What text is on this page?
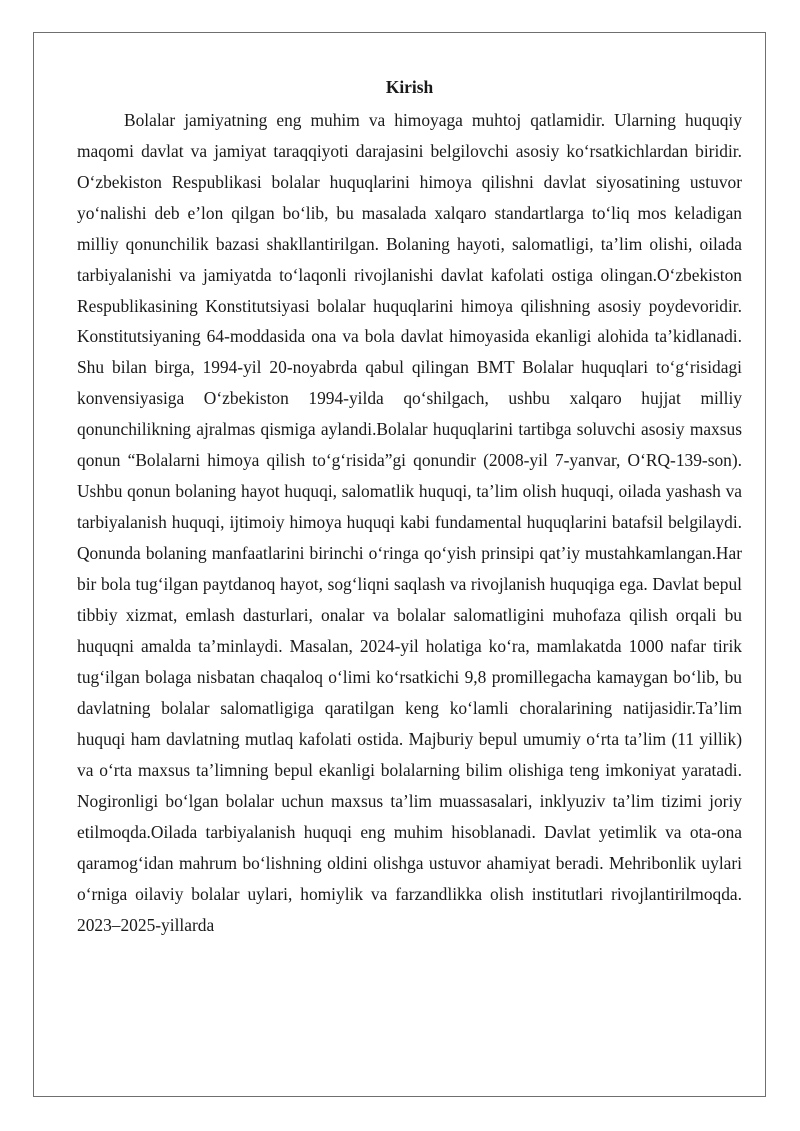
Kirish

Bolalar jamiyatning eng muhim va himoyaga muhtoj qatlamidir. Ularning huquqiy maqomi davlat va jamiyat taraqqiyoti darajasini belgilovchi asosiy koʻrsatkichlardan biridir. Oʻzbekiston Respublikasi bolalar huquqlarini himoya qilishni davlat siyosatining ustuvor yoʻnalishi deb eʼlon qilgan boʻlib, bu masalada xalqaro standartlarga toʻliq mos keladigan milliy qonunchilik bazasi shakllantirilgan. Bolaning hayoti, salomatligi, taʼlim olishi, oilada tarbiyalanishi va jamiyatda toʻlaqonli rivojlanishi davlat kafolati ostiga olingan.Oʻzbekiston Respublikasining Konstitutsiyasi bolalar huquqlarini himoya qilishning asosiy poydevoridir. Konstitutsiyaning 64-moddasida ona va bola davlat himoyasida ekanligi alohida taʼkidlanadi. Shu bilan birga, 1994-yil 20-noyabrda qabul qilingan BMT Bolalar huquqlari toʻgʻrisidagi konvensiyasiga Oʻzbekiston 1994-yilda qoʻshilgach, ushbu xalqaro hujjat milliy qonunchilikning ajralmas qismiga aylandi.Bolalar huquqlarini tartibga soluvchi asosiy maxsus qonun “Bolalarni himoya qilish toʻgʻrisida”gi qonundir (2008-yil 7-yanvar, OʻRQ-139-son). Ushbu qonun bolaning hayot huquqi, salomatlik huquqi, taʼlim olish huquqi, oilada yashash va tarbiyalanish huquqi, ijtimoiy himoya huquqi kabi fundamental huquqlarini batafsil belgilaydi. Qonunda bolaning manfaatlarini birinchi oʻringa qoʻyish prinsipi qatʼiy mustahkamlangan.Har bir bola tugʻilgan paytdanoq hayot, sogʻliqni saqlash va rivojlanish huquqiga ega. Davlat bepul tibbiy xizmat, emlash dasturlari, onalar va bolalar salomatligini muhofaza qilish orqali bu huquqni amalda taʼminlaydi. Masalan, 2024-yil holatiga koʻra, mamlakatda 1000 nafar tirik tugʻilgan bolaga nisbatan chaqaloq oʻlimi koʻrsatkichi 9,8 promillegacha kamaygan boʻlib, bu davlatning bolalar salomatligiga qaratilgan keng koʻlamli choralarining natijasidir.Taʼlim huquqi ham davlatning mutlaq kafolati ostida. Majburiy bepul umumiy oʻrta taʼlim (11 yillik) va oʻrta maxsus taʼlimning bepul ekanligi bolalarning bilim olishiga teng imkoniyat yaratadi. Nogironligi boʻlgan bolalar uchun maxsus taʼlim muassasalari, inklyuziv taʼlim tizimi joriy etilmoqda.Oilada tarbiyalanish huquqi eng muhim hisoblanadi. Davlat yetimlik va ota-ona qaramogʻidan mahrum boʻlishning oldini olishga ustuvor ahamiyat beradi. Mehribonlik uylari oʻrniga oilaviy bolalar uylari, homiylik va farzandlikka olish institutlari rivojlantirilmoqda. 2023–2025-yillarda
